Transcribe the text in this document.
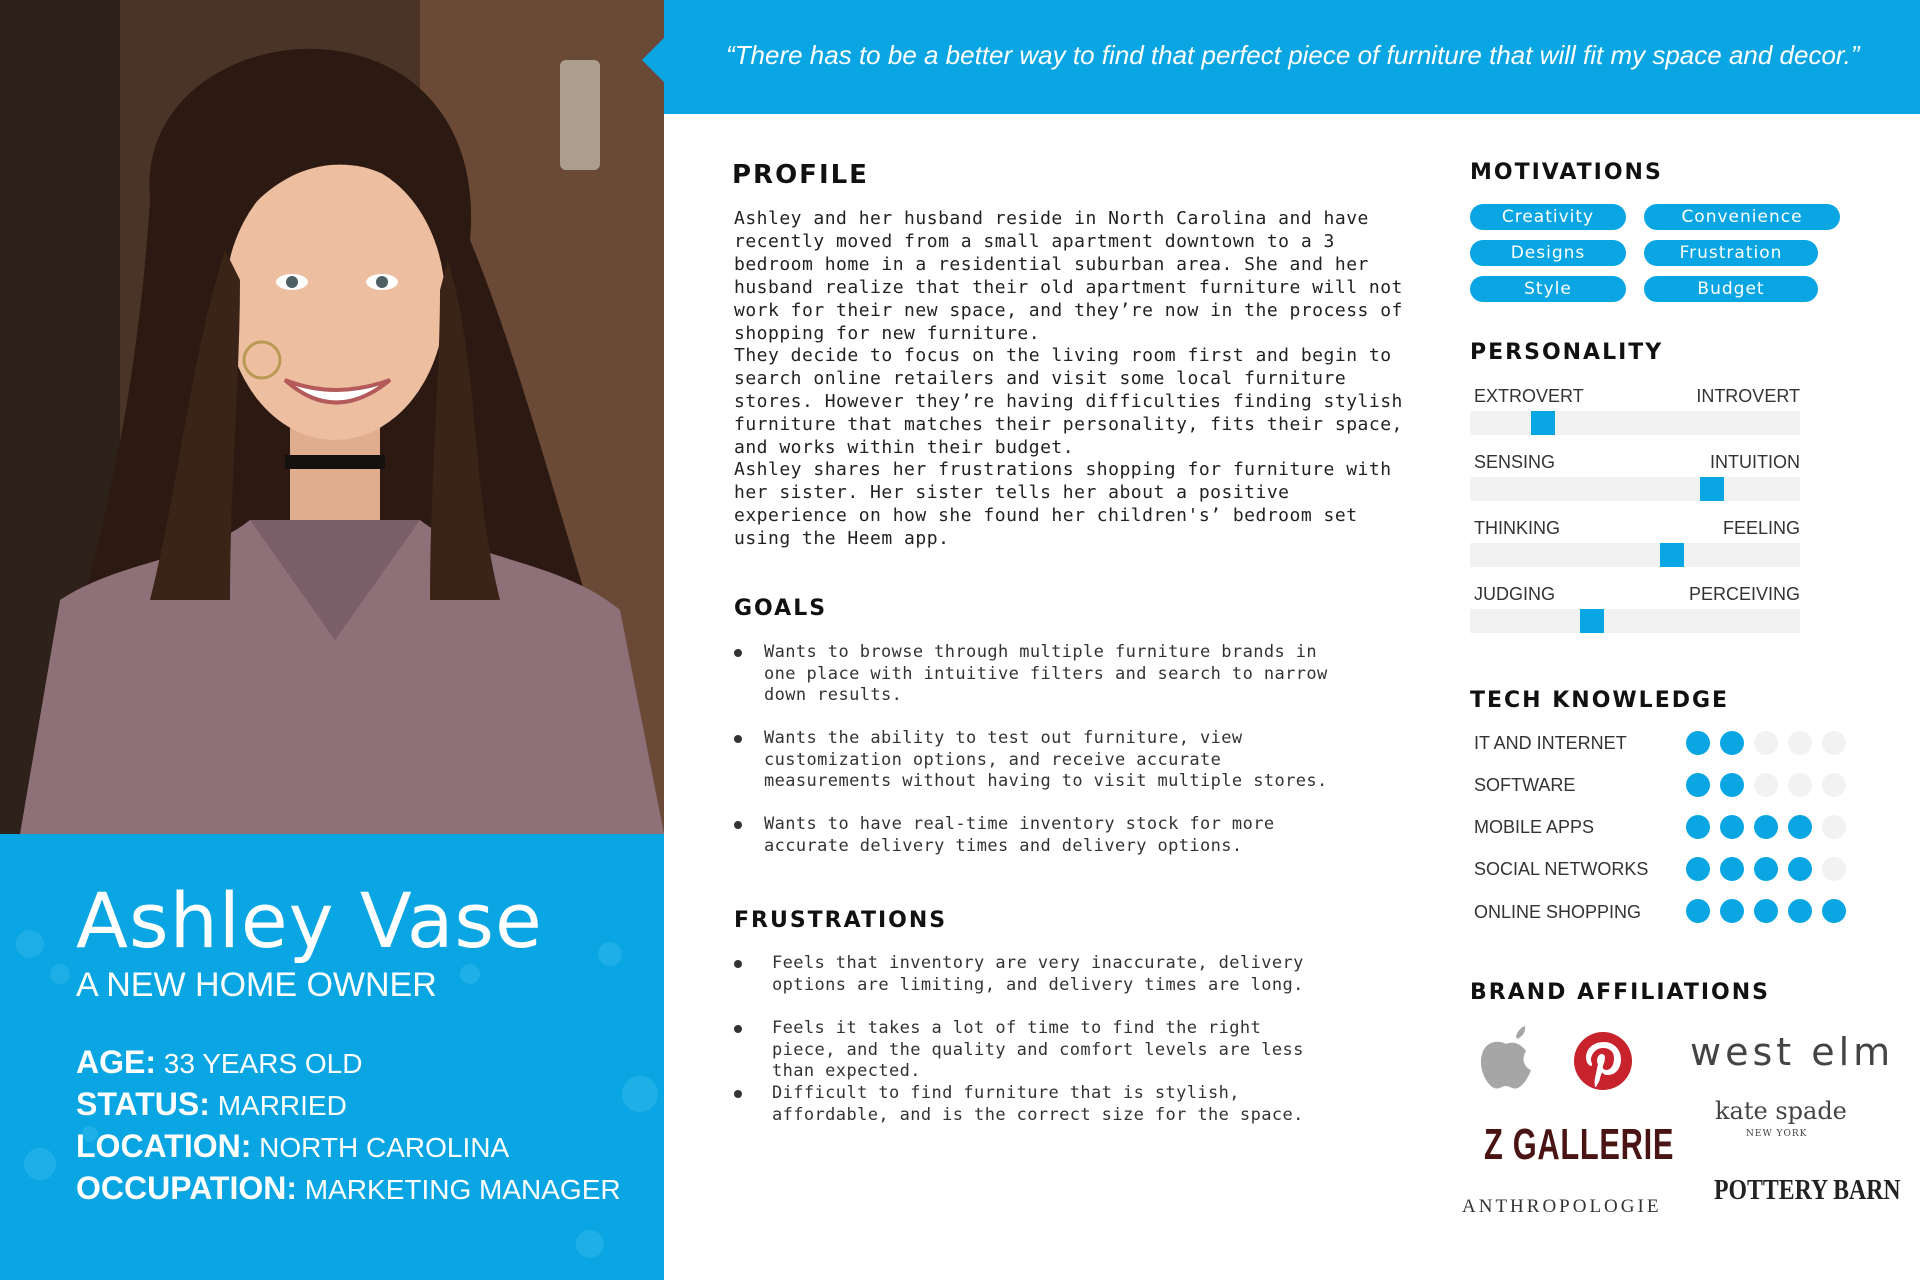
Ashley Vase
A NEW HOME OWNER
AGE: 33 YEARS OLD
STATUS: MARRIED
LOCATION: NORTH CAROLINA
OCCUPATION: MARKETING MANAGER
“There has to be a better way to find that perfect piece of furniture that will fit my space and decor.”
PROFILE
Ashley and her husband reside in North Carolina and have recently moved from a small apartment downtown to a 3 bedroom home in a residential suburban area. She and her husband realize that their old apartment furniture will not work for their new space, and they’re now in the process of shopping for new furniture.
They decide to focus on the living room first and begin to search online retailers and visit some local furniture stores. However they’re having difficulties finding stylish furniture that matches their personality, fits their space, and works within their budget.
Ashley shares her frustrations shopping for furniture with her sister. Her sister tells her about a positive experience on how she found her children's’ bedroom set using the Heem app.
GOALS
Wants to browse through multiple furniture brands in one place with intuitive filters and search to narrow down results.
Wants the ability to test out furniture, view customization options, and receive accurate measurements without having to visit multiple stores.
Wants to have real-time inventory stock for more accurate delivery times and delivery options.
FRUSTRATIONS
Feels that inventory are very inaccurate, delivery options are limiting, and delivery times are long.
Feels it takes a lot of time to find the right piece, and the quality and comfort levels are less than expected.
Difficult to find furniture that is stylish, affordable, and is the correct size for the space.
MOTIVATIONS
Creativity	Convenience
Designs	Frustration
Style	Budget
PERSONALITY
EXTROVERT	INTROVERT
SENSING	INTUITION
THINKING	FEELING
JUDGING	PERCEIVING
TECH KNOWLEDGE
IT AND INTERNET
SOFTWARE
MOBILE APPS
SOCIAL NETWORKS
ONLINE SHOPPING
BRAND AFFILIATIONS
west elm
kate spade
NEW YORK
Z GALLERIE
ANTHROPOLOGIE
POTTERY BARN
